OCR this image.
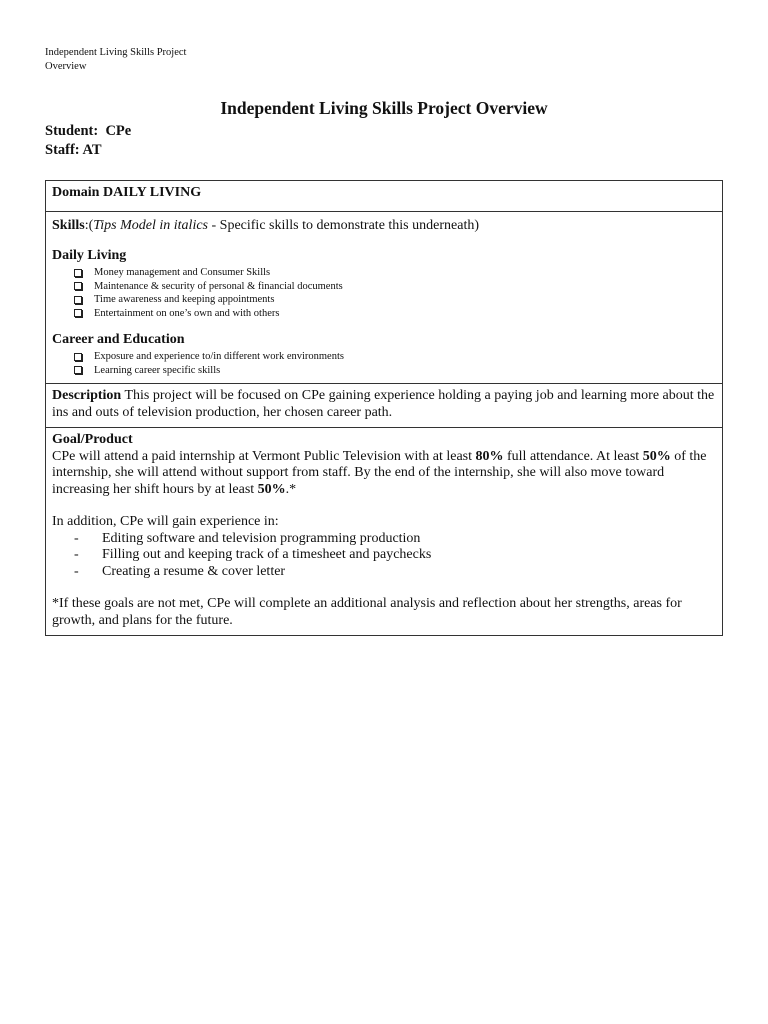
Independent Living Skills Project
Overview
Independent Living Skills Project Overview
Student: CPe
Staff: AT
Domain DAILY LIVING

Skills:(Tips Model in italics - Specific skills to demonstrate this underneath)
Daily Living
Money management and Consumer Skills
Maintenance & security of personal & financial documents
Time awareness and keeping appointments
Entertainment on one’s own and with others
Career and Education
Exposure and experience to/in different work environments
Learning career specific skills

Description This project will be focused on CPe gaining experience holding a paying job and learning more about the ins and outs of television production, her chosen career path.

Goal/Product
CPe will attend a paid internship at Vermont Public Television with at least 80% full attendance. At least 50% of the internship, she will attend without support from staff. By the end of the internship, she will also move toward increasing her shift hours by at least 50%.*
In addition, CPe will gain experience in:
-	Editing software and television programming production
-	Filling out and keeping track of a timesheet and paychecks
-	Creating a resume & cover letter
*If these goals are not met, CPe will complete an additional analysis and reflection about her strengths, areas for growth, and plans for the future.
